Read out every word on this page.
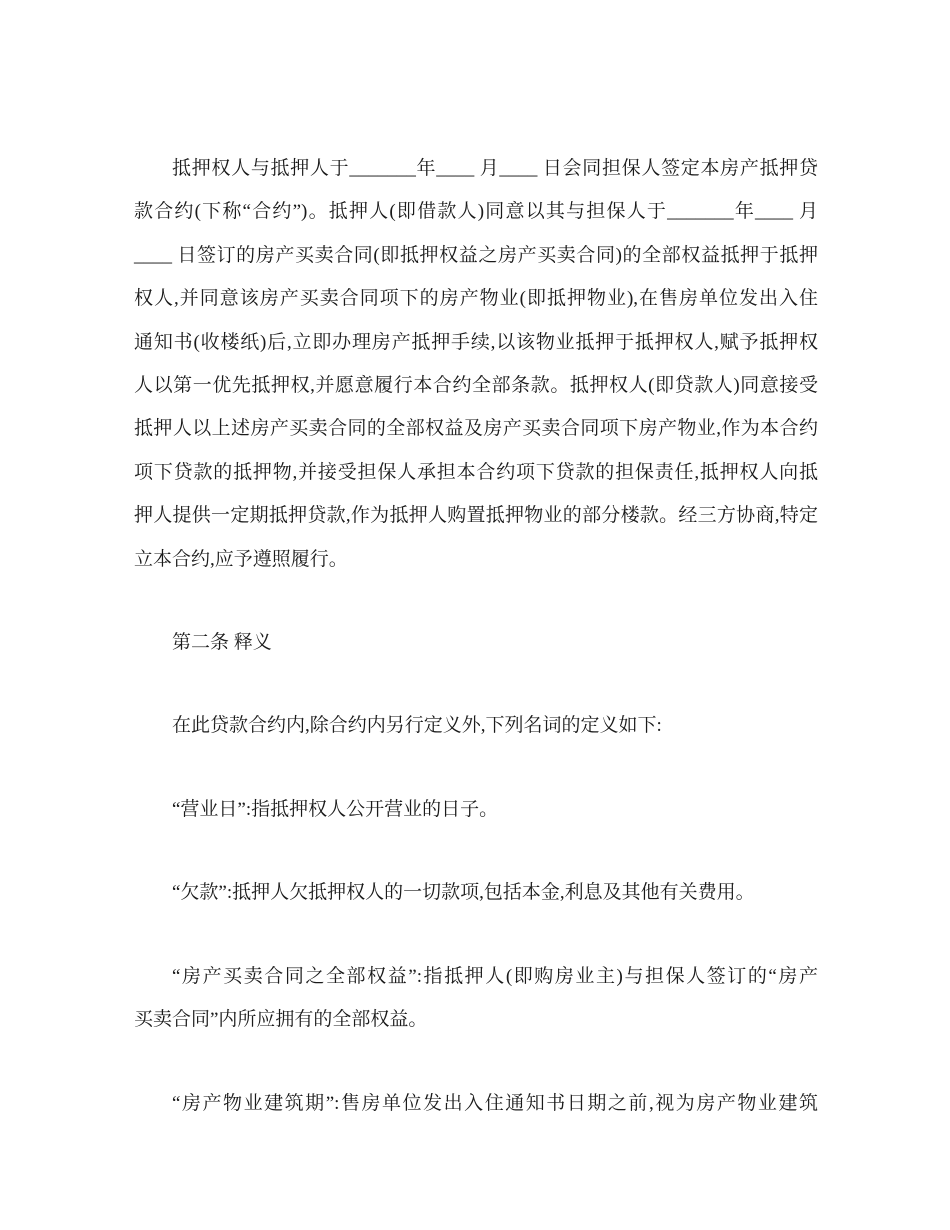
抵押权人与抵押人于_______年____ 月____ 日会同担保人签定本房产抵押贷
款合约(下称“合约”)。抵押人(即借款人)同意以其与担保人于_______年____ 月
____ 日签订的房产买卖合同(即抵押权益之房产买卖合同)的全部权益抵押于抵押
权人,并同意该房产买卖合同项下的房产物业(即抵押物业),在售房单位发出入住
通知书(收楼纸)后,立即办理房产抵押手续,以该物业抵押于抵押权人,赋予抵押权
人以第一优先抵押权,并愿意履行本合约全部条款。抵押权人(即贷款人)同意接受
抵押人以上述房产买卖合同的全部权益及房产买卖合同项下房产物业,作为本合约
项下贷款的抵押物,并接受担保人承担本合约项下贷款的担保责任,抵押权人向抵
押人提供一定期抵押贷款,作为抵押人购置抵押物业的部分楼款。经三方协商,特定
立本合约,应予遵照履行。
第二条 释义
在此贷款合约内,除合约内另行定义外,下列名词的定义如下:
“营业日”:指抵押权人公开营业的日子。
“欠款”:抵押人欠抵押权人的一切款项,包括本金,利息及其他有关费用。
“房产买卖合同之全部权益”:指抵押人(即购房业主)与担保人签订的“房产
买卖合同”内所应拥有的全部权益。
“房产物业建筑期”:售房单位发出入住通知书日期之前,视为房产物业建筑
